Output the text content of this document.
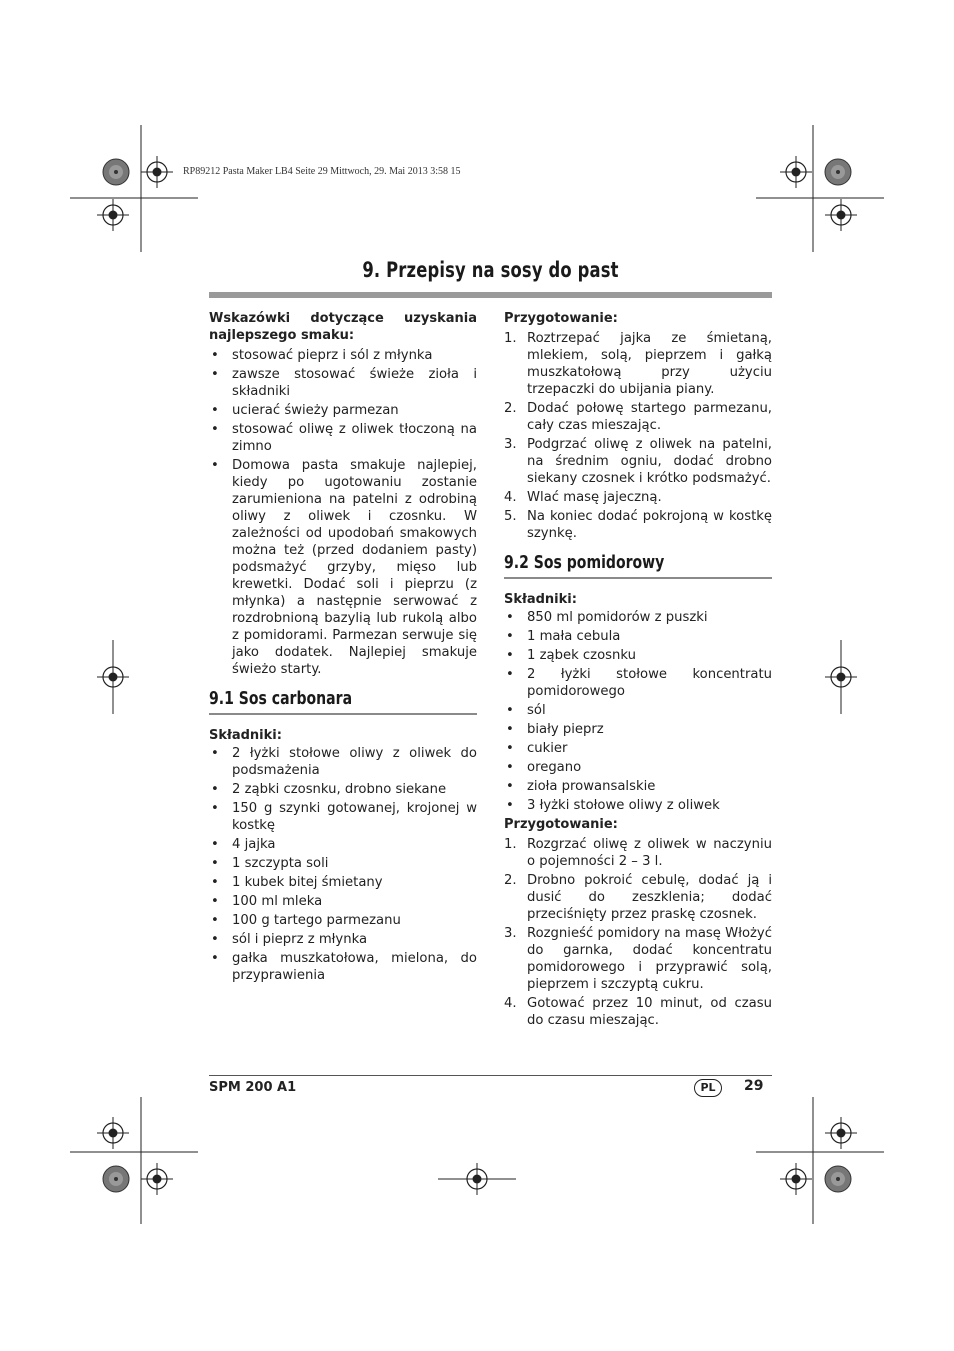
RP89212 Pasta Maker LB4 Seite 29 Mittwoch, 29. Mai 2013 3:58 15
9. Przepisy na sosy do past

Wskazówki dotyczące uzyskania najlepszego smaku:

• stosować pieprz i sól z młynka
• zawsze stosować świeże zioła i składniki
• ucierać świeży parmezan
• stosować oliwę z oliwek tłoczoną na zimno
• Domowa pasta smakuje najlepiej, kiedy po ugotowaniu zostanie zarumieniona na patelni z odrobiną oliwy z oliwek i czosnku. W zależności od upodobań smakowych można też (przed dodaniem pasty) podsmażyć grzyby, mięso lub krewetki. Dodać soli i pieprzu (z młynka) a następnie serwować z rozdrobnioną bazylią lub rukolą albo z pomidorami. Parmezan serwuje się jako dodatek. Najlepiej smakuje świeżo starty.
9.1 Sos carbonara

Składniki:

• 2 łyżki stołowe oliwy z oliwek do podsmażenia
• 2 ząbki czosnku, drobno siekane
• 150 g szynki gotowanej, krojonej w kostkę
• 4 jajka
• 1 szczypta soli
• 1 kubek bitej śmietany
• 100 ml mleka
• 100 g tartego parmezanu
• sól i pieprz z młynka
• gałka muszkatołowa, mielona, do przyprawienia

Przygotowanie:

1. Roztrzepać jajka ze śmietaną, mlekiem, solą, pieprzem i gałką muszkatołową przy użyciu trzepaczki do ubijania piany.
2. Dodać połowę startego parmezanu, cały czas mieszając.
3. Podgrzać oliwę z oliwek na patelni, na średnim ogniu, dodać drobno siekany czosnek i krótko podsmażyć.
4. Wlać masę jajeczną.
5. Na koniec dodać pokrojoną w kostkę szynkę.
9.2 Sos pomidorowy

Składniki:

• 850 ml pomidorów z puszki
• 1 mała cebula
• 1 ząbek czosnku
• 2 łyżki stołowe koncentratu pomidorowego
• sól
• biały pieprz
• cukier
• oregano
• zioła prowansalskie
• 3 łyżki stołowe oliwy z oliwek

Przygotowanie:

1. Rozgrzać oliwę z oliwek w naczyniu o pojemności 2 – 3 l.
2. Drobno pokroić cebulę, dodać ją i dusić do zeszklenia; dodać przeciśnięty przez praskę czosnek.
3. Rozgnieść pomidory na masę Włożyć do garnka, dodać koncentratu pomidorowego i przyprawić solą, pieprzem i szczyptą cukru.
4. Gotować przez 10 minut, od czasu do czasu mieszając.
SPM 200 A1	PL	29
